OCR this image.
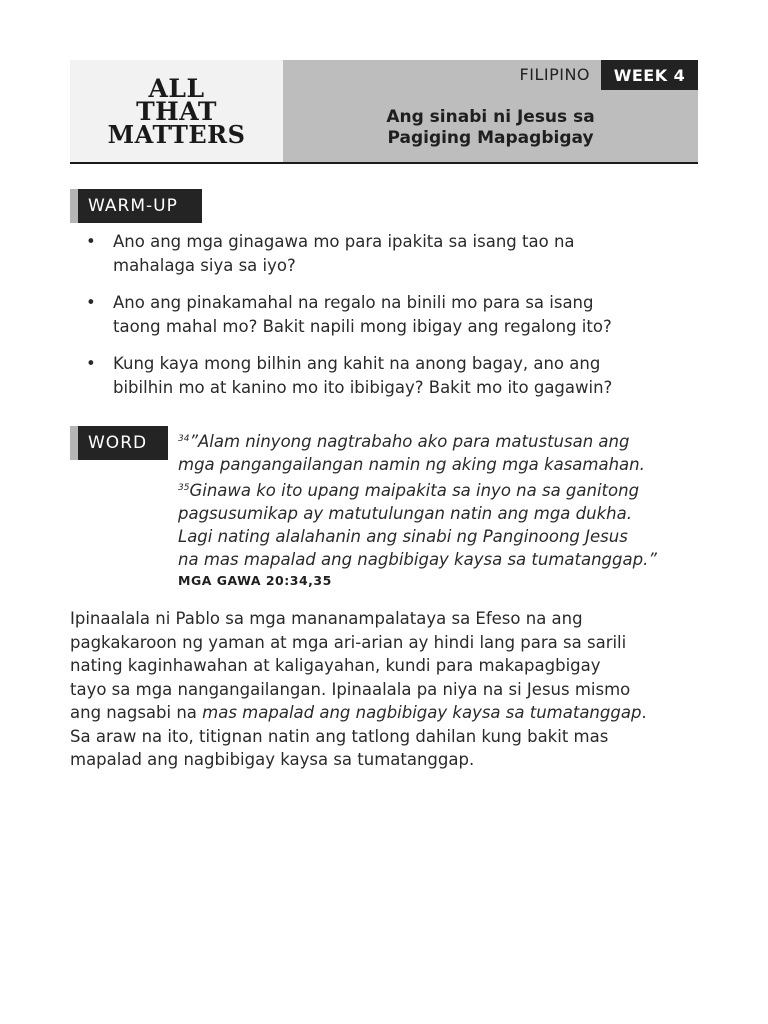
ALL
THAT
MATTERS
FILIPINO	WEEK 4
Ang sinabi ni Jesus sa
Pagiging Mapagbigay
WARM-UP
• Ano ang mga ginagawa mo para ipakita sa isang tao na
mahalaga siya sa iyo?
• Ano ang pinakamahal na regalo na binili mo para sa isang
taong mahal mo? Bakit napili mong ibigay ang regalong ito?
• Kung kaya mong bilhin ang kahit na anong bagay, ano ang
bibilhin mo at kanino mo ito ibibigay? Bakit mo ito gagawin?
WORD	$^{34}$”Alam ninyong nagtrabaho ako para matustusan ang
mga pangangailangan namin ng aking mga kasamahan.
$^{35}$Ginawa ko ito upang maipakita sa inyo na sa ganitong
pagsusumikap ay matutulungan natin ang mga dukha.
Lagi nating alalahanin ang sinabi ng Panginoong Jesus
na mas mapalad ang nagbibigay kaysa sa tumatanggap.”
MGA GAWA 20:34,35

Ipinaalala ni Pablo sa mga mananampalataya sa Efeso na ang

pagkakaroon ng yaman at mga ari-arian ay hindi lang para sa sarili

nating kaginhawahan at kaligayahan, kundi para makapagbigay

tayo sa mga nangangailangan. Ipinaalala pa niya na si Jesus mismo

ang nagsabi na mas mapalad ang nagbibigay kaysa sa tumatanggap.

Sa araw na ito, titignan natin ang tatlong dahilan kung bakit mas

mapalad ang nagbibigay kaysa sa tumatanggap.
